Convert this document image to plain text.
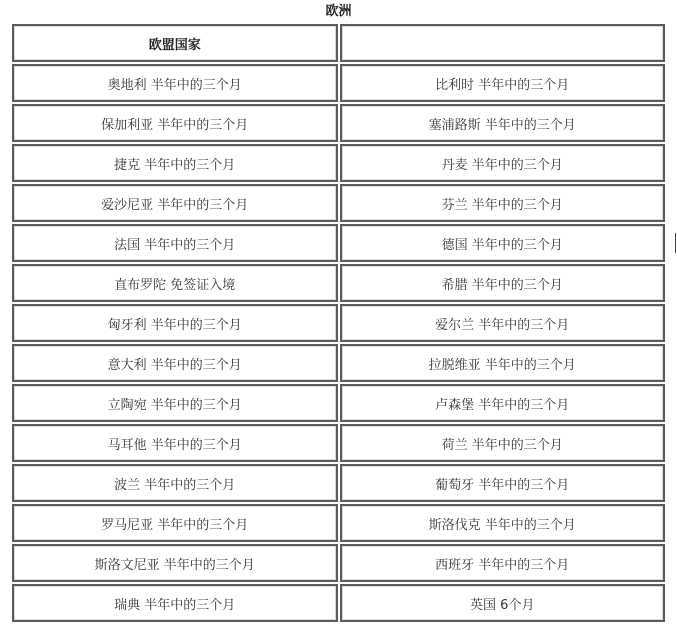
欧洲
欧盟国家	
奥地利 半年中的三个月	比利时 半年中的三个月
保加利亚 半年中的三个月	塞浦路斯 半年中的三个月
捷克 半年中的三个月	丹麦 半年中的三个月
爱沙尼亚 半年中的三个月	芬兰 半年中的三个月
法国 半年中的三个月	德国 半年中的三个月
直布罗陀 免签证入境	希腊 半年中的三个月
匈牙利 半年中的三个月	爱尔兰 半年中的三个月
意大利 半年中的三个月	拉脱维亚 半年中的三个月
立陶宛 半年中的三个月	卢森堡 半年中的三个月
马耳他 半年中的三个月	荷兰 半年中的三个月
波兰 半年中的三个月	葡萄牙 半年中的三个月
罗马尼亚 半年中的三个月	斯洛伐克 半年中的三个月
斯洛文尼亚 半年中的三个月	西班牙 半年中的三个月
瑞典 半年中的三个月	英国 6个月
